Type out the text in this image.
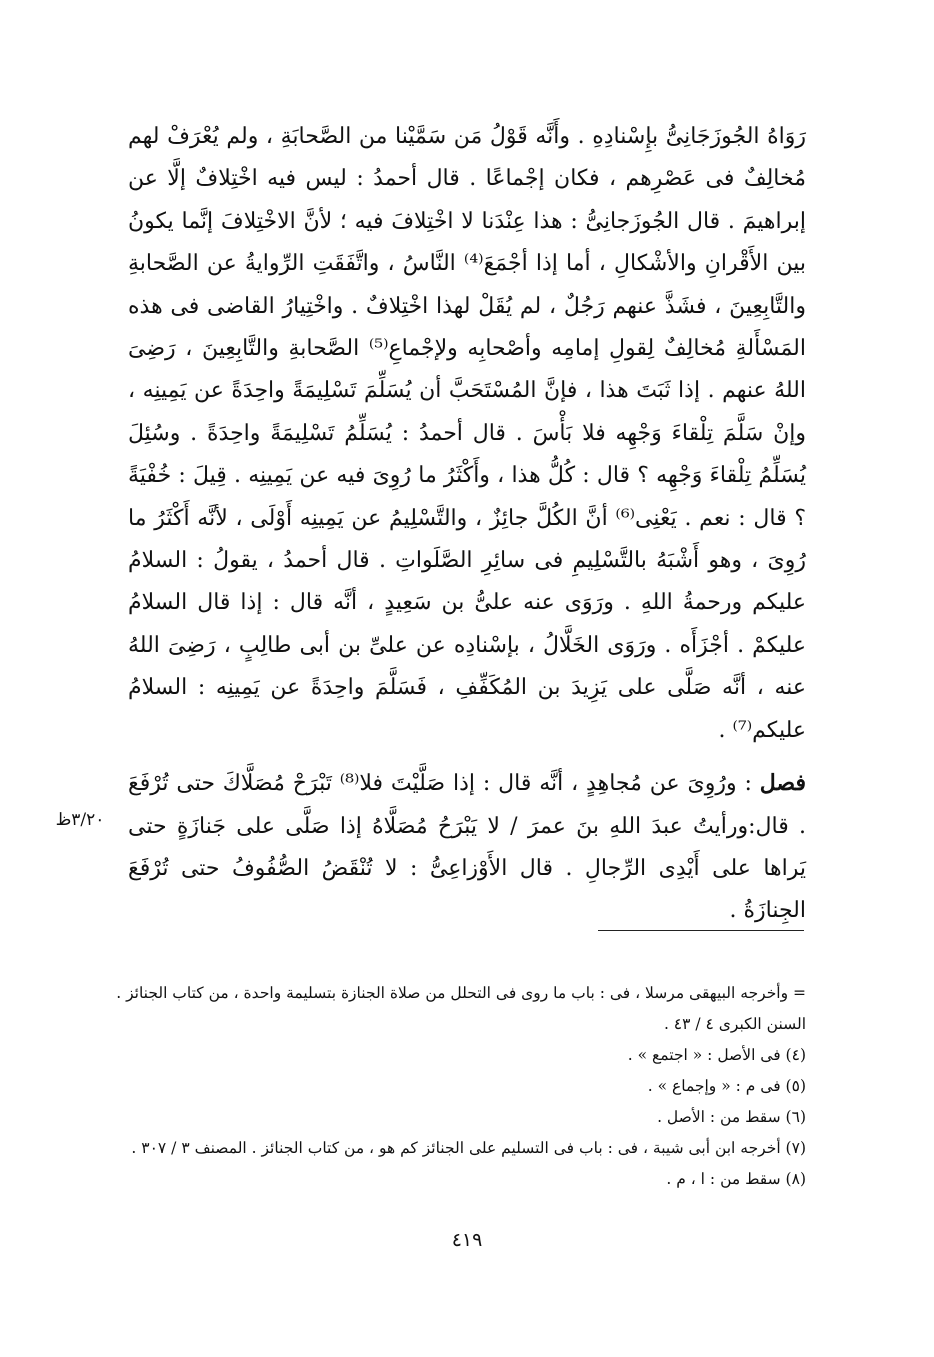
رَوَاهُ الجُوزَجَانِىُّ بإِسْنادِهِ . وأَنَّه قَوْلُ مَن سَمَّيْنا من الصَّحابَةِ ، ولم يُعْرَفْ لهم مُخالِفٌ فى عَصْرِهم ، فكان إجْماعًا . قال أحمدُ : ليس فيه اخْتِلافٌ إلَّا عن إبراهيمَ . قال الجُوزَجانِىُّ : هذا عِنْدَنا لا اخْتِلافَ فيه ؛ لأنَّ الاخْتِلافَ إنَّما يكونُ بين الأَقْرانِ والأشْكالِ ، أما إذا أجْمَعَ⁽⁴⁾ النَّاسُ ، واتَّفَقَتِ الرِّوايةُ عن الصَّحابةِ والتَّابِعِينَ ، فشَذَّ عنهم رَجُلٌ ، لم يُقَلْ لهذا اخْتِلافٌ . واخْتِيارُ القاضى فى هذه المَسْأَلةِ مُخالِفٌ لِقولِ إمامِه وأصْحابِه ولإجْماعِ⁽⁵⁾ الصَّحابةِ والتَّابِعِينَ ، رَضِىَ اللهُ عنهم . إذا ثَبَتَ هذا ، فإنَّ المُسْتَحَبَّ أن يُسَلِّمَ تَسْلِيمَةً واحِدَةً عن يَمِينِه ، وإنْ سَلَّمَ تِلْقاءَ وَجْهِه فلا بَأْسَ . قال أحمدُ : يُسَلِّمُ تَسْلِيمَةً واحِدَةً . وسُئِلَ يُسَلِّمُ تِلْقاءَ وَجْهِه ؟ قال : كُلُّ هذا ، وأَكْثَرُ ما رُوِىَ فيه عن يَمِينِه . قِيلَ : خُفْيَةً ؟ قال : نعم . يَعْنِى⁽⁶⁾ أنَّ الكُلَّ جائِزٌ ، والتَّسْلِيمُ عن يَمِينِه أَوْلَى ، لأنَّه أَكْثَرُ ما رُوِىَ ، وهو أَشْبَهُ بالتَّسْلِيمِ فى سائِرِ الصَّلَواتِ . قال أحمدُ ، يقولُ : السلامُ عليكم ورحمةُ اللهِ . ورَوَى عنه علىُّ بن سَعِيدٍ ، أنَّه قال : إذا قال السلامُ عليكمْ . أجْزَأَه . ورَوَى الخَلَّالُ ، بإسْنادِه عن علىِّ بن أبى طالِبٍ ، رَضِىَ اللهُ عنه ، أنَّه صَلَّى على يَزِيدَ بن المُكَفِّفِ ، فَسَلَّمَ واحِدَةً عن يَمِينِه : السلامُ عليكم⁽⁷⁾ .

فصل : ورُوِىَ عن مُجاهِدٍ ، أنَّه قال : إذا صَلَّيْتَ فلا⁽⁸⁾ تَبْرَحْ مُصَلَّاكَ حتى تُرْفَعَ . قال:ورأيتُ عبدَ اللهِ بنَ عمرَ / لا يَبْرَحُ مُصَلَّاهُ إذا صَلَّى على جَنازَةٍ حتى يَراها على أَيْدِى الرِّجالِ . قال الأَوْزاعِىُّ : لا تُنْقَضُ الصُّفُوفُ حتى تُرْفَعَ الجِنازَةُ .

٣/٢٠ظ

= وأخرجه البيهقى مرسلا ، فى : باب ما روى فى التحلل من صلاة الجنازة بتسليمة واحدة ، من كتاب الجنائز .

السنن الكبرى ٤ / ٤٣ .

(٤) فى الأصل : « اجتمع » .

(٥) فى م : « وإجماع » .

(٦) سقط من : الأصل .

(٧) أخرجه ابن أبى شيبة ، فى : باب فى التسليم على الجنائز كم هو ، من كتاب الجنائز . المصنف ٣ / ٣٠٧ .

(٨) سقط من : ا ، م .

٤١٩
